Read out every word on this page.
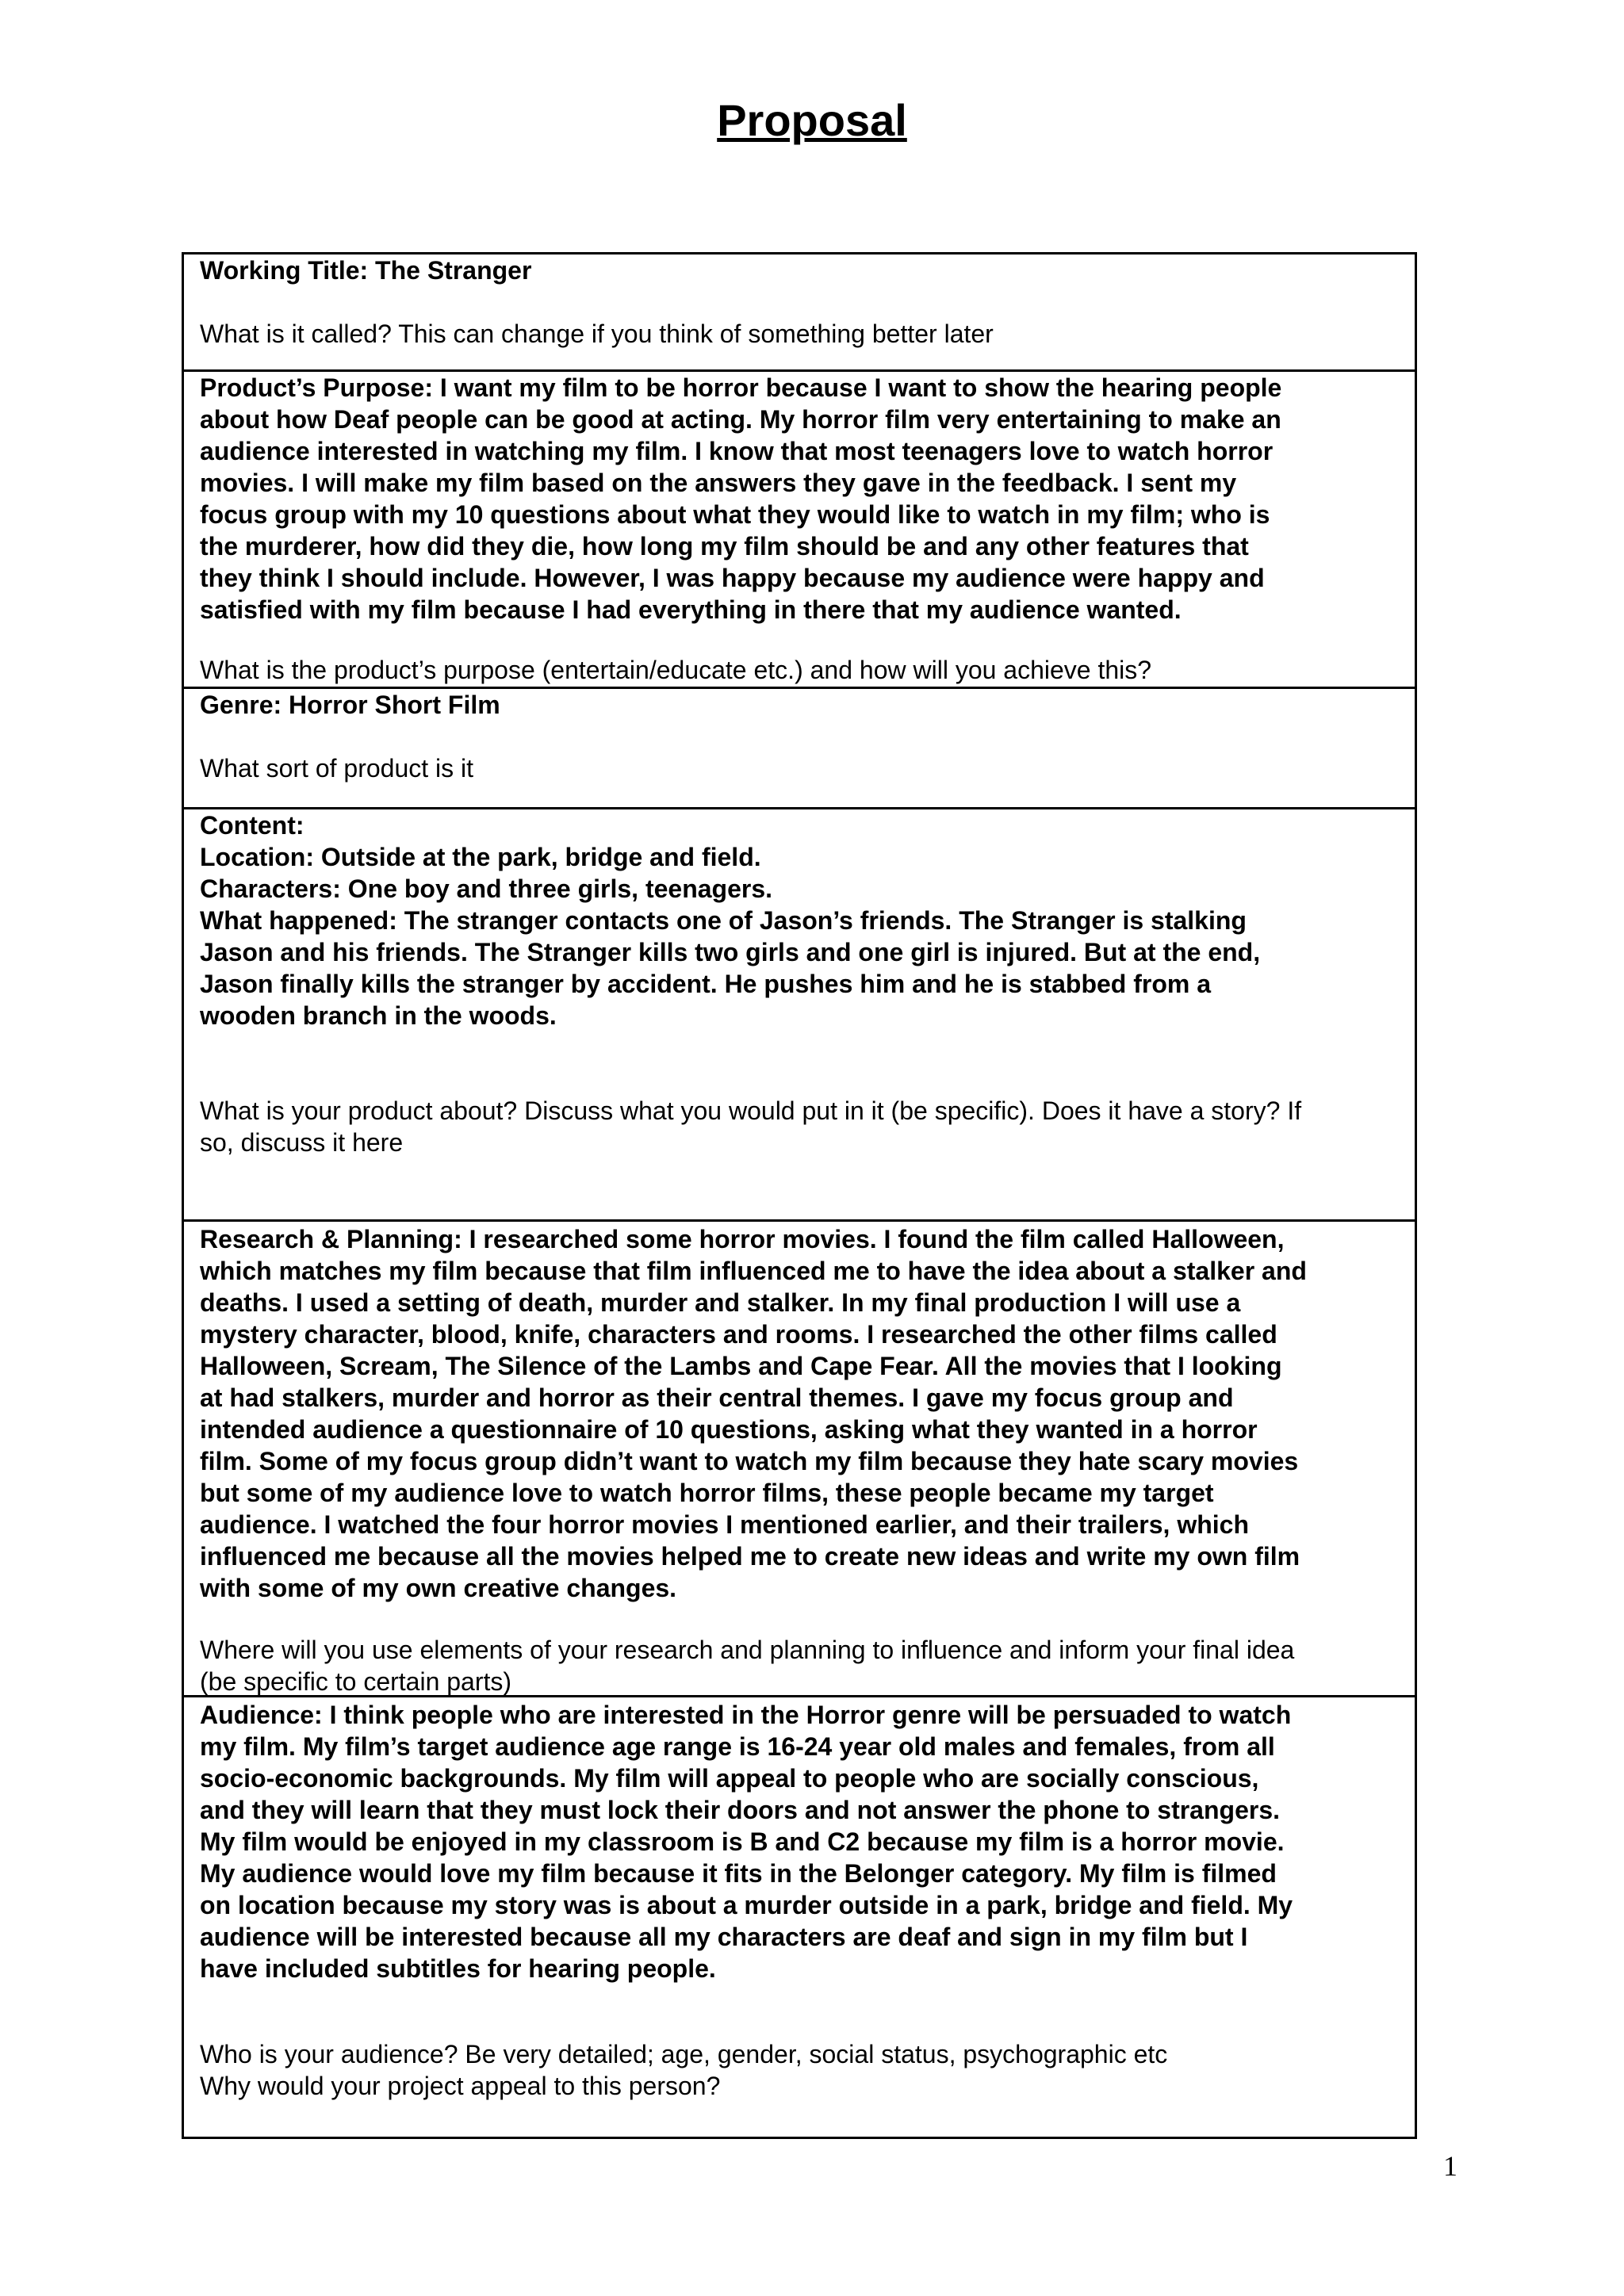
Proposal

Working Title: The Stranger

What is it called? This can change if you think of something better later

Product’s Purpose: I want my film to be horror because I want to show the hearing people
about how Deaf people can be good at acting. My horror film very entertaining to make an
audience interested in watching my film. I know that most teenagers love to watch horror
movies. I will make my film based on the answers they gave in the feedback. I sent my
focus group with my 10 questions about what they would like to watch in my film; who is
the murderer, how did they die, how long my film should be and any other features that
they think I should include. However, I was happy because my audience were happy and
satisfied with my film because I had everything in there that my audience wanted.

What is the product’s purpose (entertain/educate etc.) and how will you achieve this?

Genre: Horror Short Film

What sort of product is it

Content:
Location: Outside at the park, bridge and field.
Characters: One boy and three girls, teenagers.
What happened: The stranger contacts one of Jason’s friends. The Stranger is stalking
Jason and his friends. The Stranger kills two girls and one girl is injured. But at the end,
Jason finally kills the stranger by accident. He pushes him and he is stabbed from a
wooden branch in the woods.

What is your product about? Discuss what you would put in it (be specific). Does it have a story? If
so, discuss it here

Research & Planning: I researched some horror movies. I found the film called Halloween,
which matches my film because that film influenced me to have the idea about a stalker and
deaths. I used a setting of death, murder and stalker. In my final production I will use a
mystery character, blood, knife, characters and rooms. I researched the other films called
Halloween, Scream, The Silence of the Lambs and Cape Fear. All the movies that I looking
at had stalkers, murder and horror as their central themes. I gave my focus group and
intended audience a questionnaire of 10 questions, asking what they wanted in a horror
film. Some of my focus group didn’t want to watch my film because they hate scary movies
but some of my audience love to watch horror films, these people became my target
audience. I watched the four horror movies I mentioned earlier, and their trailers, which
influenced me because all the movies helped me to create new ideas and write my own film
with some of my own creative changes.

Where will you use elements of your research and planning to influence and inform your final idea
(be specific to certain parts)

Audience: I think people who are interested in the Horror genre will be persuaded to watch
my film. My film’s target audience age range is 16-24 year old males and females, from all
socio-economic backgrounds. My film will appeal to people who are socially conscious,
and they will learn that they must lock their doors and not answer the phone to strangers.
My film would be enjoyed in my classroom is B and C2 because my film is a horror movie.
My audience would love my film because it fits in the Belonger category. My film is filmed
on location because my story was is about a murder outside in a park, bridge and field. My
audience will be interested because all my characters are deaf and sign in my film but I
have included subtitles for hearing people.

Who is your audience? Be very detailed; age, gender, social status, psychographic etc
Why would your project appeal to this person?

1
